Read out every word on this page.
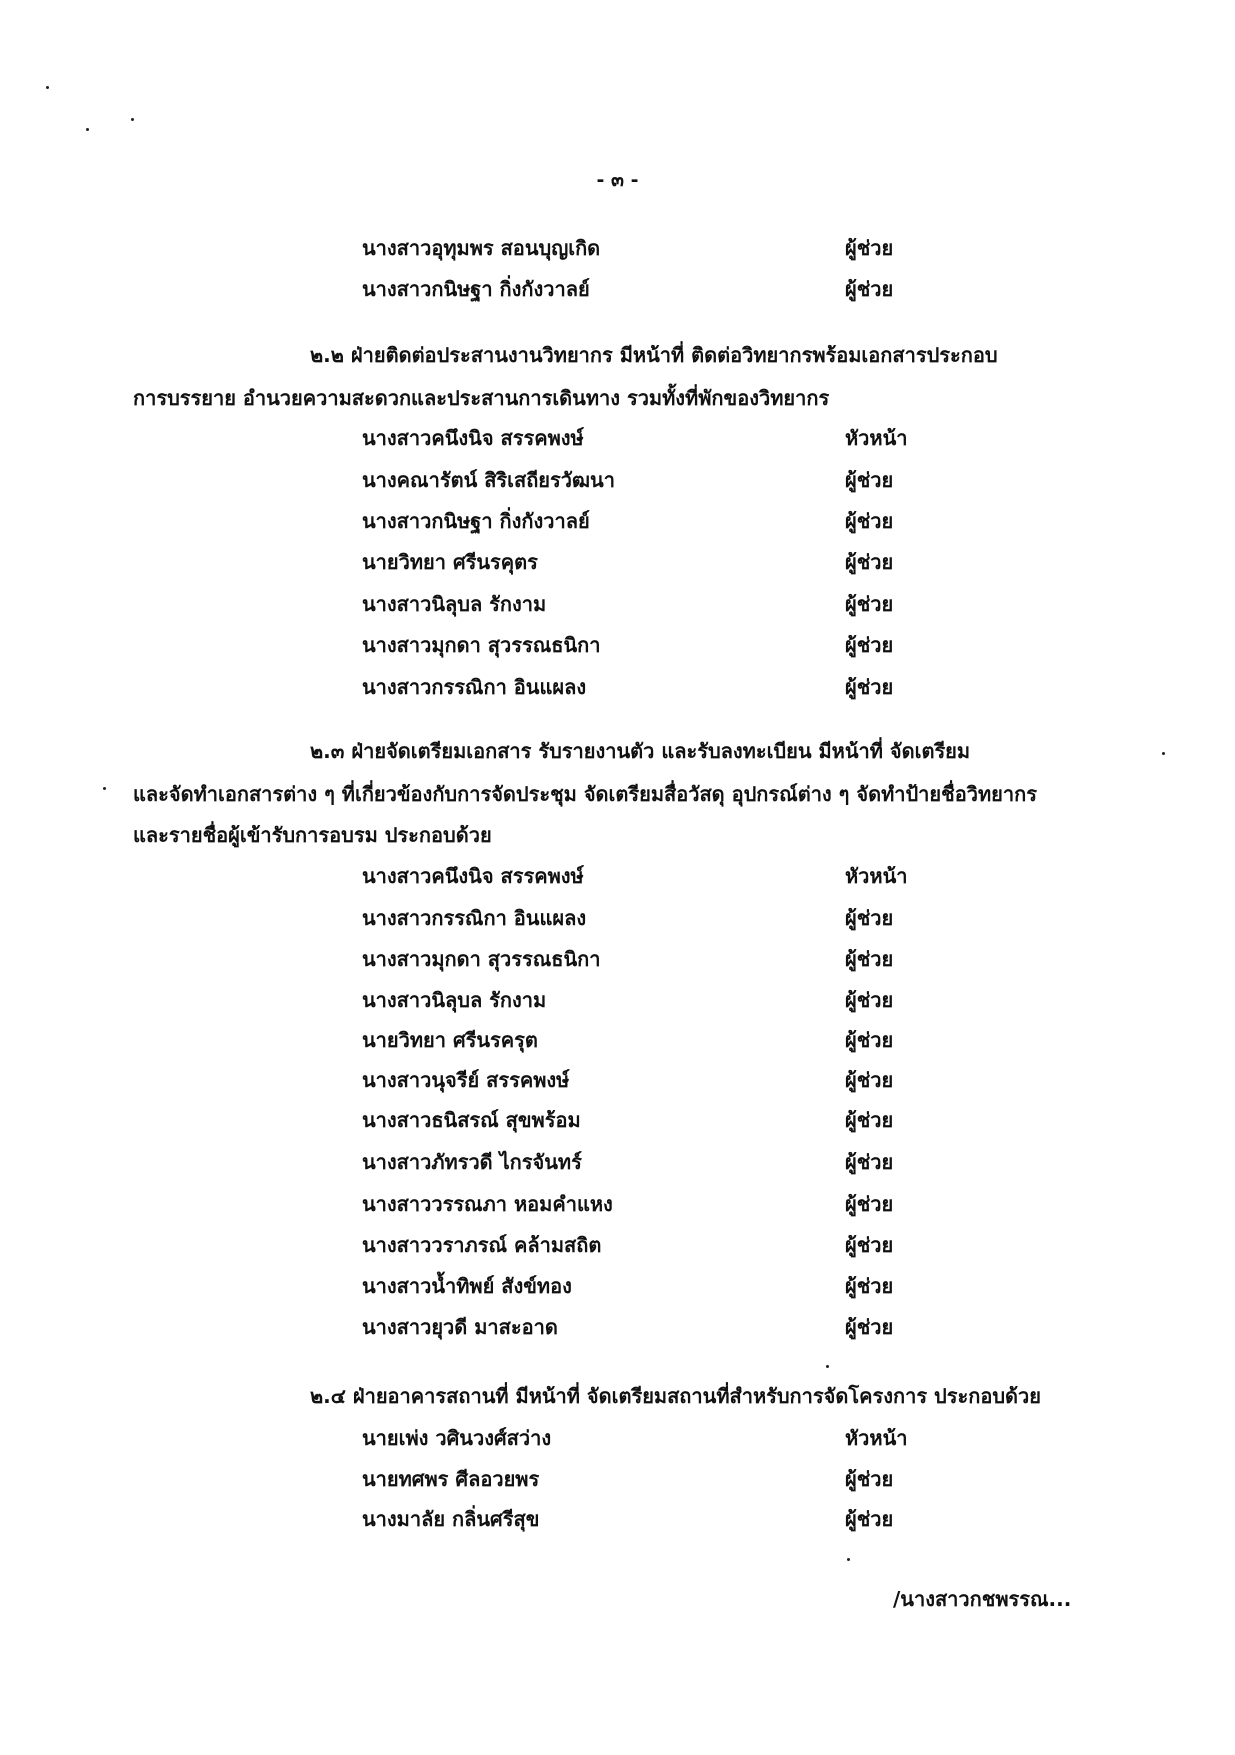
- ๓ -
นางสาวอุทุมพร สอนบุญเกิด	ผู้ช่วย
นางสาวกนิษฐา กิ่งกังวาลย์	ผู้ช่วย
๒.๒ ฝ่ายติดต่อประสานงานวิทยากร มีหน้าที่ ติดต่อวิทยากรพร้อมเอกสารประกอบ
การบรรยาย อำนวยความสะดวกและประสานการเดินทาง รวมทั้งที่พักของวิทยากร
นางสาวคนึงนิจ สรรคพงษ์	หัวหน้า
นางคณารัตน์ สิริเสถียรวัฒนา	ผู้ช่วย
นางสาวกนิษฐา กิ่งกังวาลย์	ผู้ช่วย
นายวิทยา ศรีนรคุตร	ผู้ช่วย
นางสาวนิลุบล รักงาม	ผู้ช่วย
นางสาวมุกดา สุวรรณธนิกา	ผู้ช่วย
นางสาวกรรณิกา อินแผลง	ผู้ช่วย
๒.๓ ฝ่ายจัดเตรียมเอกสาร รับรายงานตัว และรับลงทะเบียน มีหน้าที่ จัดเตรียม
และจัดทำเอกสารต่าง ๆ ที่เกี่ยวข้องกับการจัดประชุม จัดเตรียมสื่อวัสดุ อุปกรณ์ต่าง ๆ จัดทำป้ายชื่อวิทยากร
และรายชื่อผู้เข้ารับการอบรม ประกอบด้วย
นางสาวคนึงนิจ สรรคพงษ์	หัวหน้า
นางสาวกรรณิกา อินแผลง	ผู้ช่วย
นางสาวมุกดา สุวรรณธนิกา	ผู้ช่วย
นางสาวนิลุบล รักงาม	ผู้ช่วย
นายวิทยา ศรีนรครุต	ผู้ช่วย
นางสาวนุจรีย์ สรรคพงษ์	ผู้ช่วย
นางสาวธนิสรณ์ สุขพร้อม	ผู้ช่วย
นางสาวภัทรวดี ไกรจันทร์	ผู้ช่วย
นางสาววรรณภา หอมคำแหง	ผู้ช่วย
นางสาววราภรณ์ คล้ามสถิต	ผู้ช่วย
นางสาวน้ำทิพย์ สังข์ทอง	ผู้ช่วย
นางสาวยุวดี มาสะอาด	ผู้ช่วย
๒.๔ ฝ่ายอาคารสถานที่ มีหน้าที่ จัดเตรียมสถานที่สำหรับการจัดโครงการ ประกอบด้วย
นายเพ่ง วศินวงศ์สว่าง	หัวหน้า
นายทศพร ศีลอวยพร	ผู้ช่วย
นางมาลัย กลิ่นศรีสุข	ผู้ช่วย
/นางสาวกชพรรณ...
